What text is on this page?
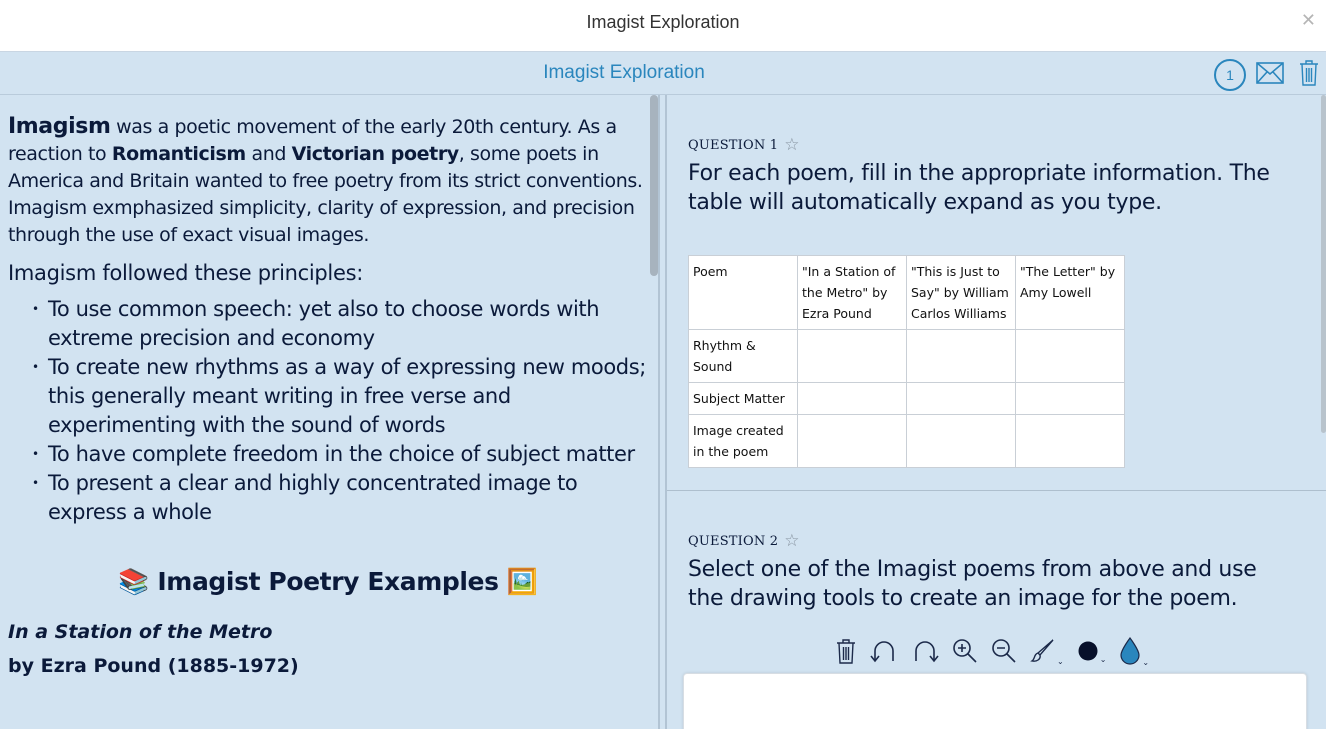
Imagist Exploration	✕
Imagist Exploration	1

Imagism was a poetic movement of the early 20th century. As a reaction to Romanticism and Victorian poetry, some poets in America and Britain wanted to free poetry from its strict conventions. Imagism exmphasized simplicity, clarity of expression, and precision through the use of exact visual images.

Imagism followed these principles:

• To use common speech: yet also to choose words with extreme precision and economy
• To create new rhythms as a way of expressing new moods; this generally meant writing in free verse and experimenting with the sound of words
• To have complete freedom in the choice of subject matter
• To present a clear and highly concentrated image to express a whole

📚 Imagist Poetry Examples 🖼️

In a Station of the Metro

by Ezra Pound (1885-1972)

QUESTION 1 ☆
For each poem, fill in the appropriate information. The table will automatically expand as you type.
Poem	"In a Station of the Metro" by Ezra Pound	"This is Just to Say" by William Carlos Williams	"The Letter" by Amy Lowell
Rhythm & Sound			
Subject Matter			
Image created in the poem			
QUESTION 2 ☆
Select one of the Imagist poems from above and use the drawing tools to create an image for the poem.
⌄	⌄	⌄
